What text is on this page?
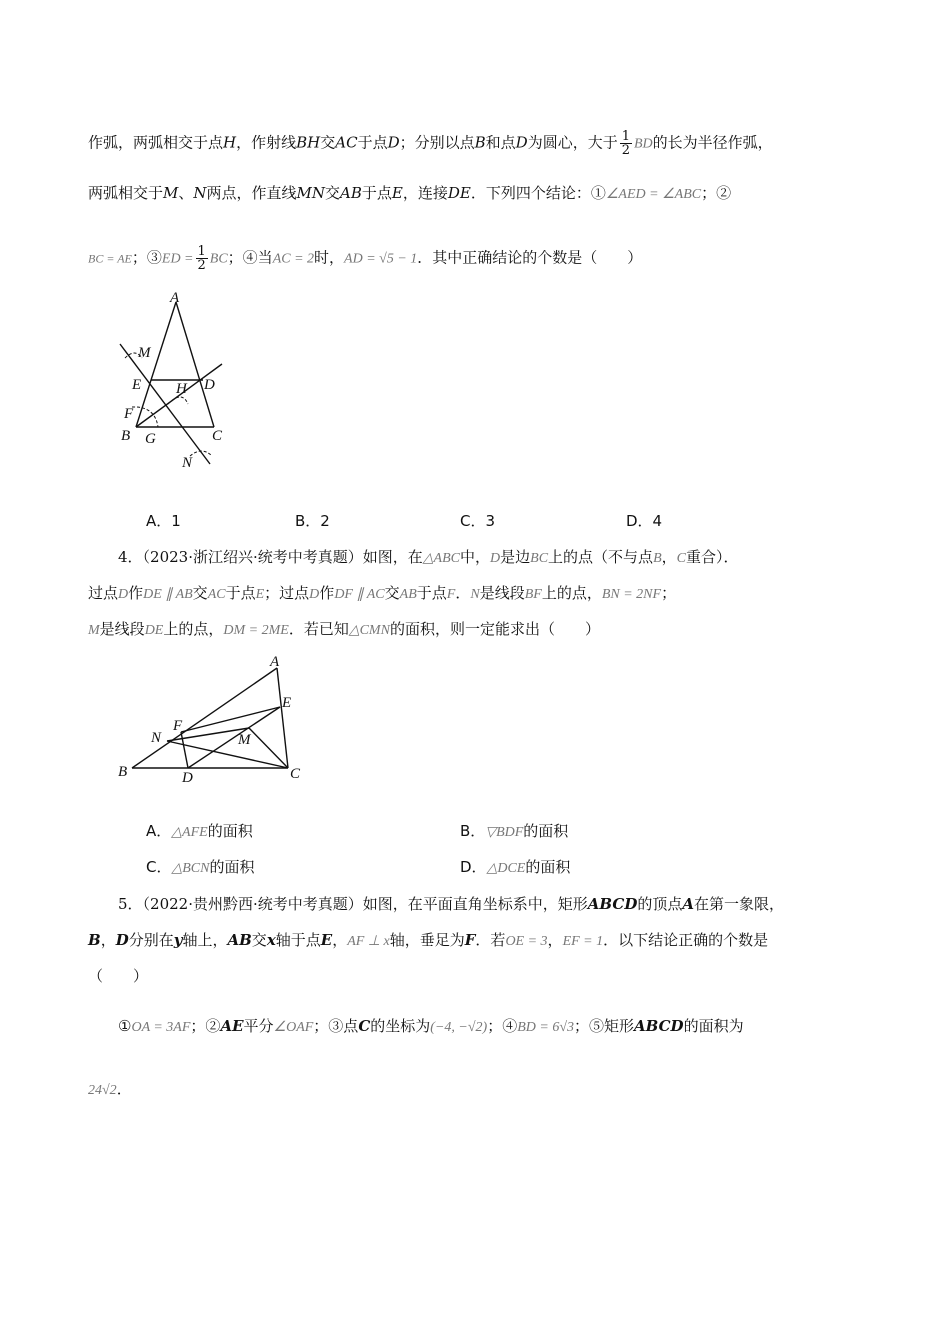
作弧，两弧相交于点H，作射线BH交AC于点D；分别以点B和点D为圆心，大于 $\frac{1}{2}$ BD的长为半径作弧，
两弧相交于M、N两点，作直线MN交AB于点E，连接DE．下列四个结论：①∠AED = ∠ABC；②
BC = AE；③ED = $\frac{1}{2}$ BC；④当AC = 2时，AD = √5 − 1．其中正确结论的个数是（　　）
A
M
E H D
F
B G	C
N
A．1	B．2	C．3	D．4
4．（2023·浙江绍兴·统考中考真题）如图，在△ABC中，D是边BC上的点（不与点B，C重合）．
过点D作DE ∥ AB交AC于点E；过点D作DF ∥ AC交AB于点F．N是线段BF上的点，BN = 2NF；
M是线段DE上的点，DM = 2ME．若已知△CMN的面积，则一定能求出（　　）
A
E
F
N	M
B	D	C
A．△AFE的面积	B．▽BDF的面积
C．△BCN的面积	D．△DCE的面积
5．（2022·贵州黔西·统考中考真题）如图，在平面直角坐标系中，矩形ABCD的顶点A在第一象限，
B，D分别在y轴上，AB交x轴于点E，AF ⊥ x轴，垂足为F．若OE = 3，EF = 1．以下结论正确的个数是
（　　）
①OA = 3AF；②AE平分∠OAF；③点C的坐标为(−4, −√2)；④BD = 6√3；⑤矩形ABCD的面积为
24√2．
